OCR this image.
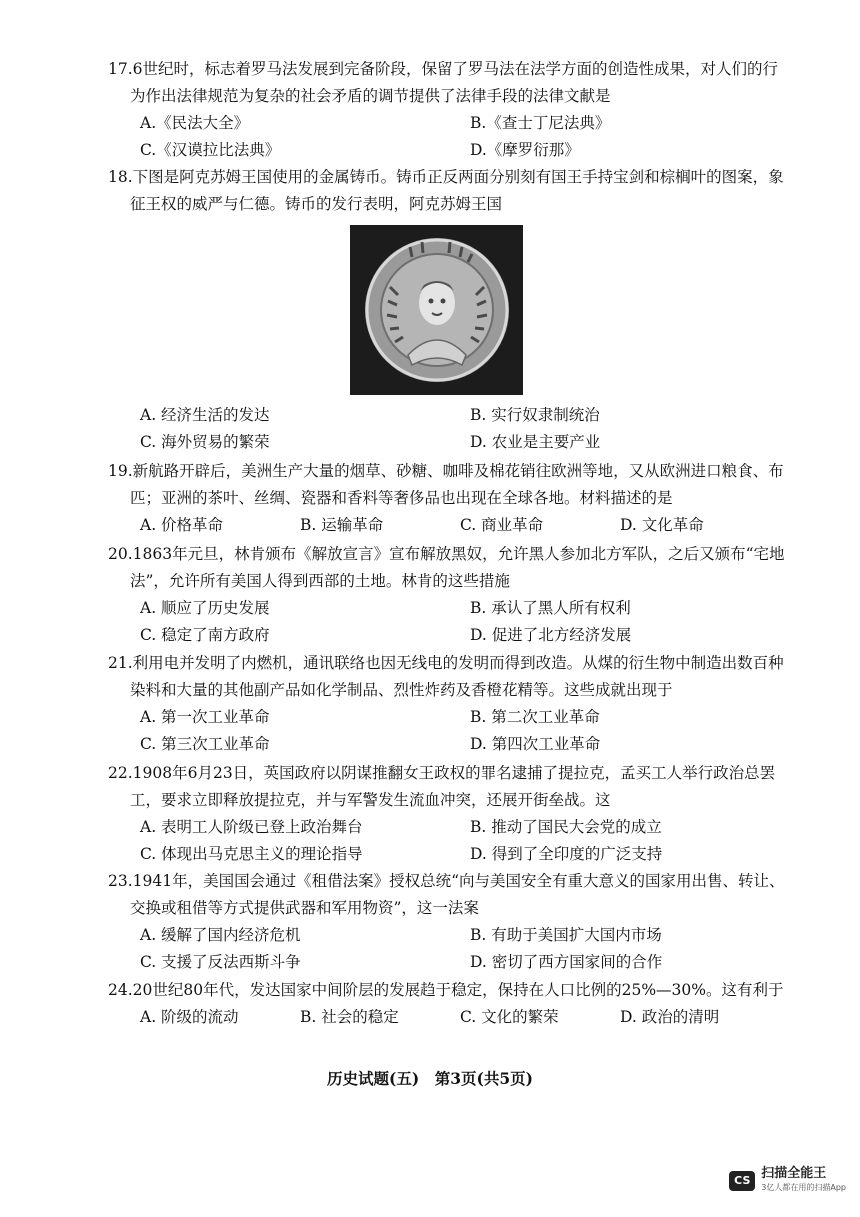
17.6世纪时，标志着罗马法发展到完备阶段，保留了罗马法在法学方面的创造性成果，对人们的行为作出法律规范为复杂的社会矛盾的调节提供了法律手段的法律文献是

A.《民法大全》	B.《查士丁尼法典》
C.《汉谟拉比法典》	D.《摩罗衍那》

18.下图是阿克苏姆王国使用的金属铸币。铸币正反两面分别刻有国王手持宝剑和棕榈叶的图案，象征王权的威严与仁德。铸币的发行表明，阿克苏姆王国

A. 经济生活的发达	B. 实行奴隶制统治
C. 海外贸易的繁荣	D. 农业是主要产业

19.新航路开辟后，美洲生产大量的烟草、砂糖、咖啡及棉花销往欧洲等地，又从欧洲进口粮食、布匹；亚洲的茶叶、丝绸、瓷器和香料等奢侈品也出现在全球各地。材料描述的是

A. 价格革命	B. 运输革命	C. 商业革命	D. 文化革命

20.1863年元旦，林肯颁布《解放宣言》宣布解放黑奴，允许黑人参加北方军队，之后又颁布“宅地法”，允许所有美国人得到西部的土地。林肯的这些措施

A. 顺应了历史发展	B. 承认了黑人所有权利
C. 稳定了南方政府	D. 促进了北方经济发展

21.利用电并发明了内燃机，通讯联络也因无线电的发明而得到改造。从煤的衍生物中制造出数百种染料和大量的其他副产品如化学制品、烈性炸药及香橙花精等。这些成就出现于

A. 第一次工业革命	B. 第二次工业革命
C. 第三次工业革命	D. 第四次工业革命

22.1908年6月23日，英国政府以阴谋推翻女王政权的罪名逮捕了提拉克，孟买工人举行政治总罢工，要求立即释放提拉克，并与军警发生流血冲突，还展开街垒战。这

A. 表明工人阶级已登上政治舞台	B. 推动了国民大会党的成立
C. 体现出马克思主义的理论指导	D. 得到了全印度的广泛支持

23.1941年，美国国会通过《租借法案》授权总统“向与美国安全有重大意义的国家用出售、转让、交换或租借等方式提供武器和军用物资”，这一法案

A. 缓解了国内经济危机	B. 有助于美国扩大国内市场
C. 支援了反法西斯斗争	D. 密切了西方国家间的合作

24.20世纪80年代，发达国家中间阶层的发展趋于稳定，保持在人口比例的25%—30%。这有利于

A. 阶级的流动	B. 社会的稳定	C. 文化的繁荣	D. 政治的清明
历史试题(五)　第3页(共5页)
CS 扫描全能王
3亿人都在用的扫描App
